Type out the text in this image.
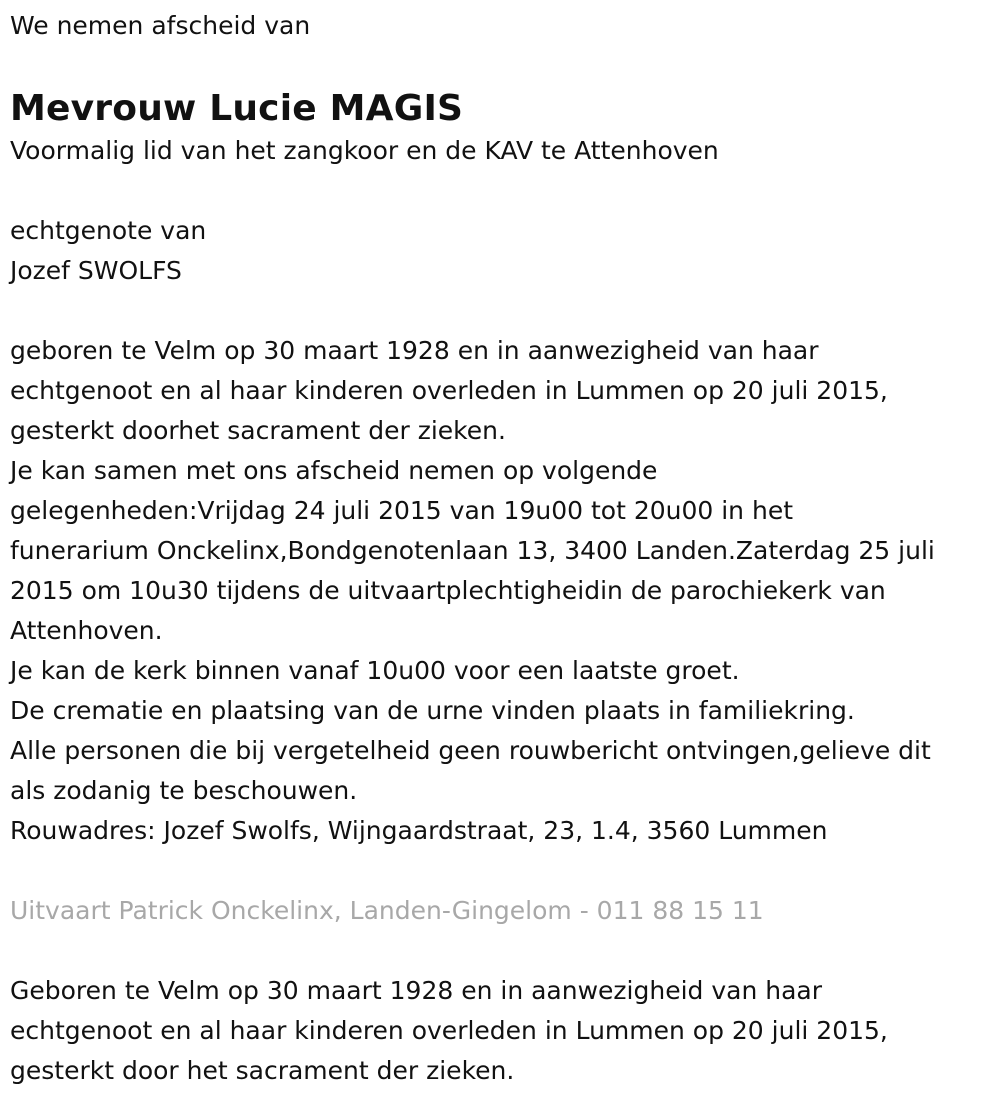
We nemen afscheid van

Mevrouw Lucie MAGIS

Voormalig lid van het zangkoor en de KAV te Attenhoven

echtgenote van

Jozef SWOLFS

geboren te Velm op 30 maart 1928 en in aanwezigheid van haar

echtgenoot en al haar kinderen overleden in Lummen op 20 juli 2015,

gesterkt doorhet sacrament der zieken.

Je kan samen met ons afscheid nemen op volgende

gelegenheden:Vrijdag 24 juli 2015 van 19u00 tot 20u00 in het

funerarium Onckelinx,Bondgenotenlaan 13, 3400 Landen.Zaterdag 25 juli

2015 om 10u30 tijdens de uitvaartplechtigheidin de parochiekerk van

Attenhoven.

Je kan de kerk binnen vanaf 10u00 voor een laatste groet.

De crematie en plaatsing van de urne vinden plaats in familiekring.

Alle personen die bij vergetelheid geen rouwbericht ontvingen,gelieve dit

als zodanig te beschouwen.

Rouwadres: Jozef Swolfs, Wijngaardstraat, 23, 1.4, 3560 Lummen

Uitvaart Patrick Onckelinx, Landen-Gingelom - 011 88 15 11

Geboren te Velm op 30 maart 1928 en in aanwezigheid van haar

echtgenoot en al haar kinderen overleden in Lummen op 20 juli 2015,

gesterkt door het sacrament der zieken.
